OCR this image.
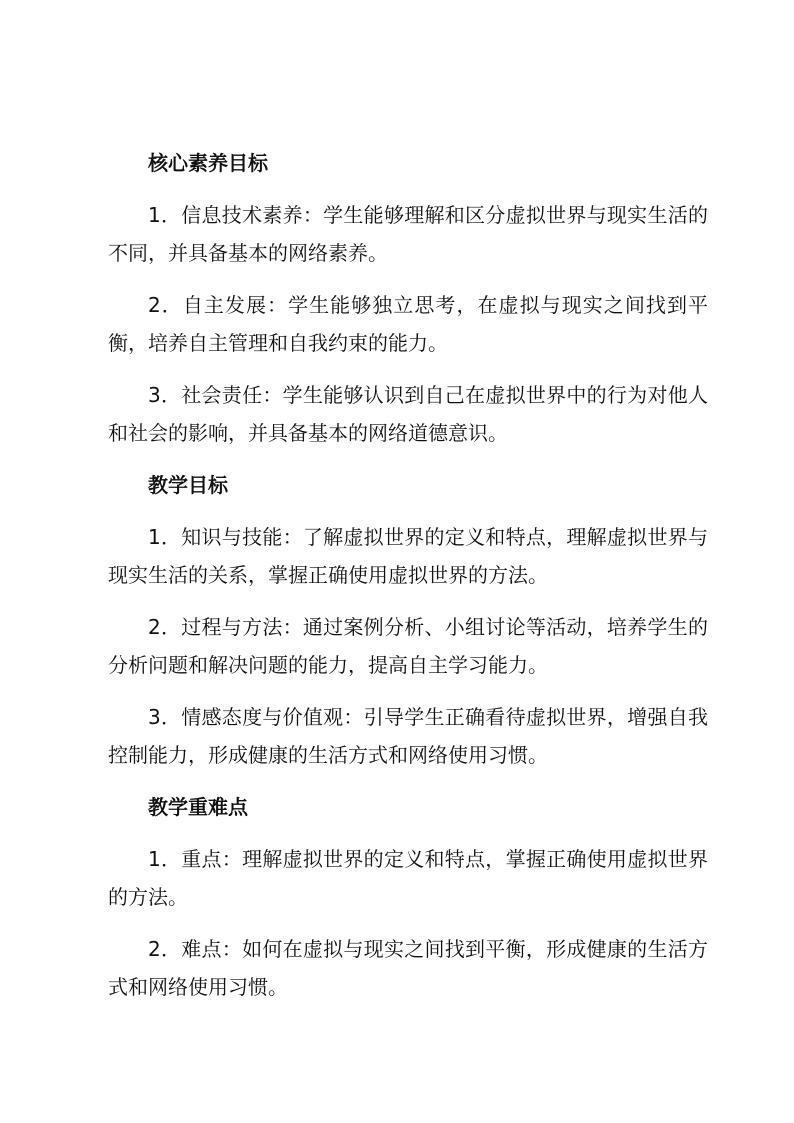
核心素养目标

1．信息技术素养：学生能够理解和区分虚拟世界与现实生活的不同，并具备基本的网络素养。

2．自主发展：学生能够独立思考，在虚拟与现实之间找到平衡，培养自主管理和自我约束的能力。

3．社会责任：学生能够认识到自己在虚拟世界中的行为对他人和社会的影响，并具备基本的网络道德意识。

教学目标

1．知识与技能：了解虚拟世界的定义和特点，理解虚拟世界与现实生活的关系，掌握正确使用虚拟世界的方法。

2．过程与方法：通过案例分析、小组讨论等活动，培养学生的分析问题和解决问题的能力，提高自主学习能力。

3．情感态度与价值观：引导学生正确看待虚拟世界，增强自我控制能力，形成健康的生活方式和网络使用习惯。

教学重难点

1．重点：理解虚拟世界的定义和特点，掌握正确使用虚拟世界的方法。

2．难点：如何在虚拟与现实之间找到平衡，形成健康的生活方式和网络使用习惯。
